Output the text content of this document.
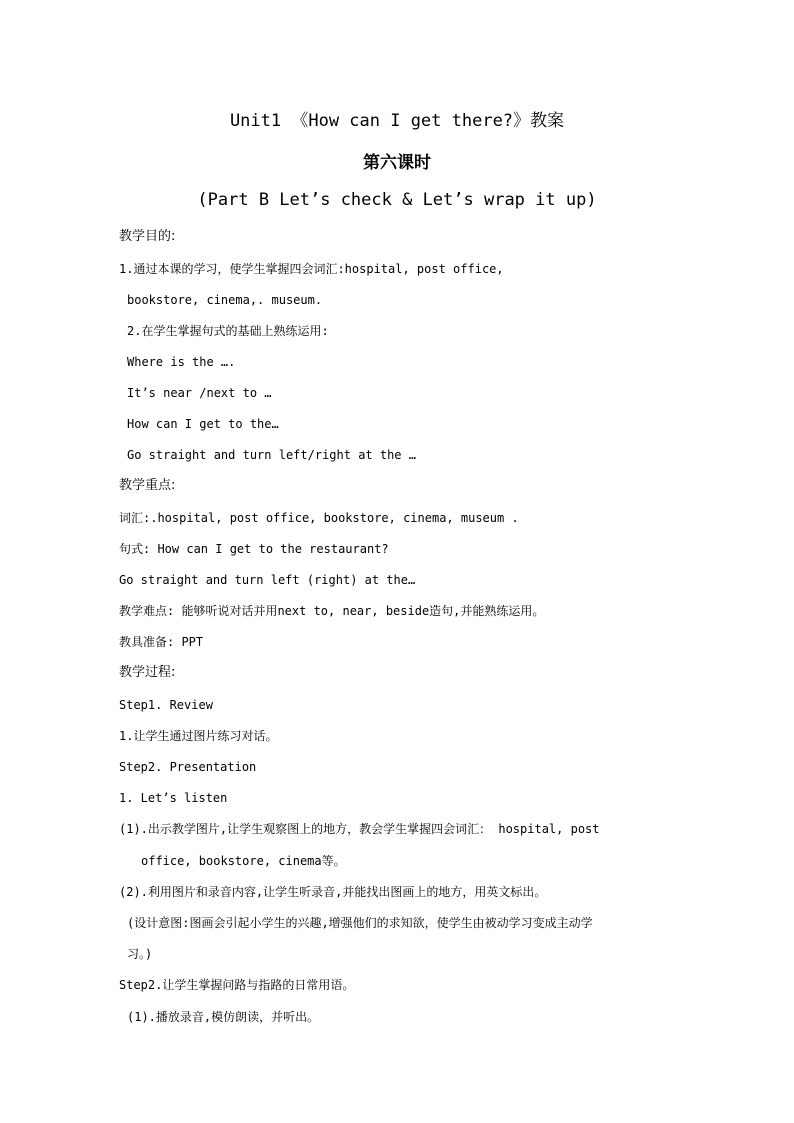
Unit1 《How can I get there?》教案
第六课时
(Part B Let’s check & Let’s wrap it up)
教学目的:
1.通过本课的学习，使学生掌握四会词汇:hospital, post office,
bookstore, cinema,. museum.
2.在学生掌握句式的基础上熟练运用:
Where is the ….
It’s near /next to …
How can I get to the…
Go straight and turn left/right at the …
教学重点:
词汇:.hospital, post office, bookstore, cinema, museum .
句式: How can I get to the restaurant?
Go straight and turn left (right) at the…
教学难点: 能够听说对话并用next to, near, beside造句,并能熟练运用。
教具准备: PPT
教学过程:
Step1. Review
1.让学生通过图片练习对话。
Step2. Presentation
1. Let’s listen
(1).出示教学图片,让学生观察图上的地方，教会学生掌握四会词汇： hospital, post
office, bookstore, cinema等。
(2).利用图片和录音内容,让学生听录音,并能找出图画上的地方，用英文标出。
(设计意图:图画会引起小学生的兴趣,增强他们的求知欲，使学生由被动学习变成主动学
习。)
Step2.让学生掌握问路与指路的日常用语。
(1).播放录音,模仿朗读，并听出。
